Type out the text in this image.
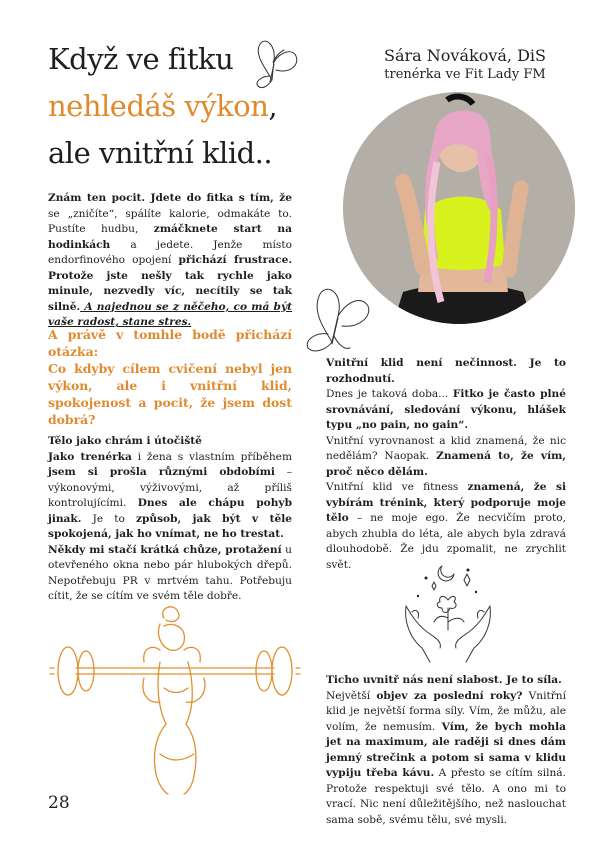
Když ve fitku
nehledáš výkon,
ale vnitřní klid..
Sára Nováková, DiS
trenérka ve Fit Lady FM

Znám ten pocit. Jdete do fitka s tím, že se „zničíte“, spálíte kalorie, odmakáte to. Pustíte hudbu, zmáčknete start na hodinkách a jedete. Jenže místo endorfinového opojení přichází frustrace. Protože jste nešly tak rychle jako minule, nezvedly víc, necítily se tak silně. A najednou se z něčeho, co má být vaše radost, stane stres.

A právě v tomhle bodě přichází otázka:

Co kdyby cílem cvičení nebyl jen výkon, ale i vnitřní klid, spokojenost a pocit, že jsem dost dobrá?

Tělo jako chrám i útočiště

Jako trenérka i žena s vlastním příběhem jsem si prošla různými obdobími – výkonovými, výživovými, až příliš kontrolujícími. Dnes ale chápu pohyb jinak. Je to způsob, jak být v těle spokojená, jak ho vnímat, ne ho trestat.

Někdy mi stačí krátká chůze, protažení u otevřeného okna nebo pár hlubokých dřepů. Nepotřebuju PR v mrtvém tahu. Potřebuju cítit, že se cítím ve svém těle dobře.

Vnitřní klid není nečinnost. Je to rozhodnutí.

Dnes je taková doba... Fitko je často plné srovnávání, sledování výkonu, hlášek typu „no pain, no gain“.

Vnitřní vyrovnanost a klid znamená, že nic nedělám? Naopak. Znamená to, že vím, proč něco dělám.

Vnitřní klid ve fitness znamená, že si vybírám trénink, který podporuje moje tělo – ne moje ego. Že necvičím proto, abych zhubla do léta, ale abych byla zdravá dlouhodobě. Že jdu zpomalit, ne zrychlit svět.

Ticho uvnitř nás není slabost. Je to síla.

Největší objev za poslední roky? Vnitřní klid je největší forma síly. Vím, že můžu, ale volím, že nemusím. Vím, že bych mohla jet na maximum, ale raději si dnes dám jemný strečink a potom si sama v klidu vypiju třeba kávu. A přesto se cítím silná. Protože respektuji své tělo. A ono mi to vrací. Nic není důležitějšího, než naslouchat sama sobě, svému tělu, své mysli.

28
